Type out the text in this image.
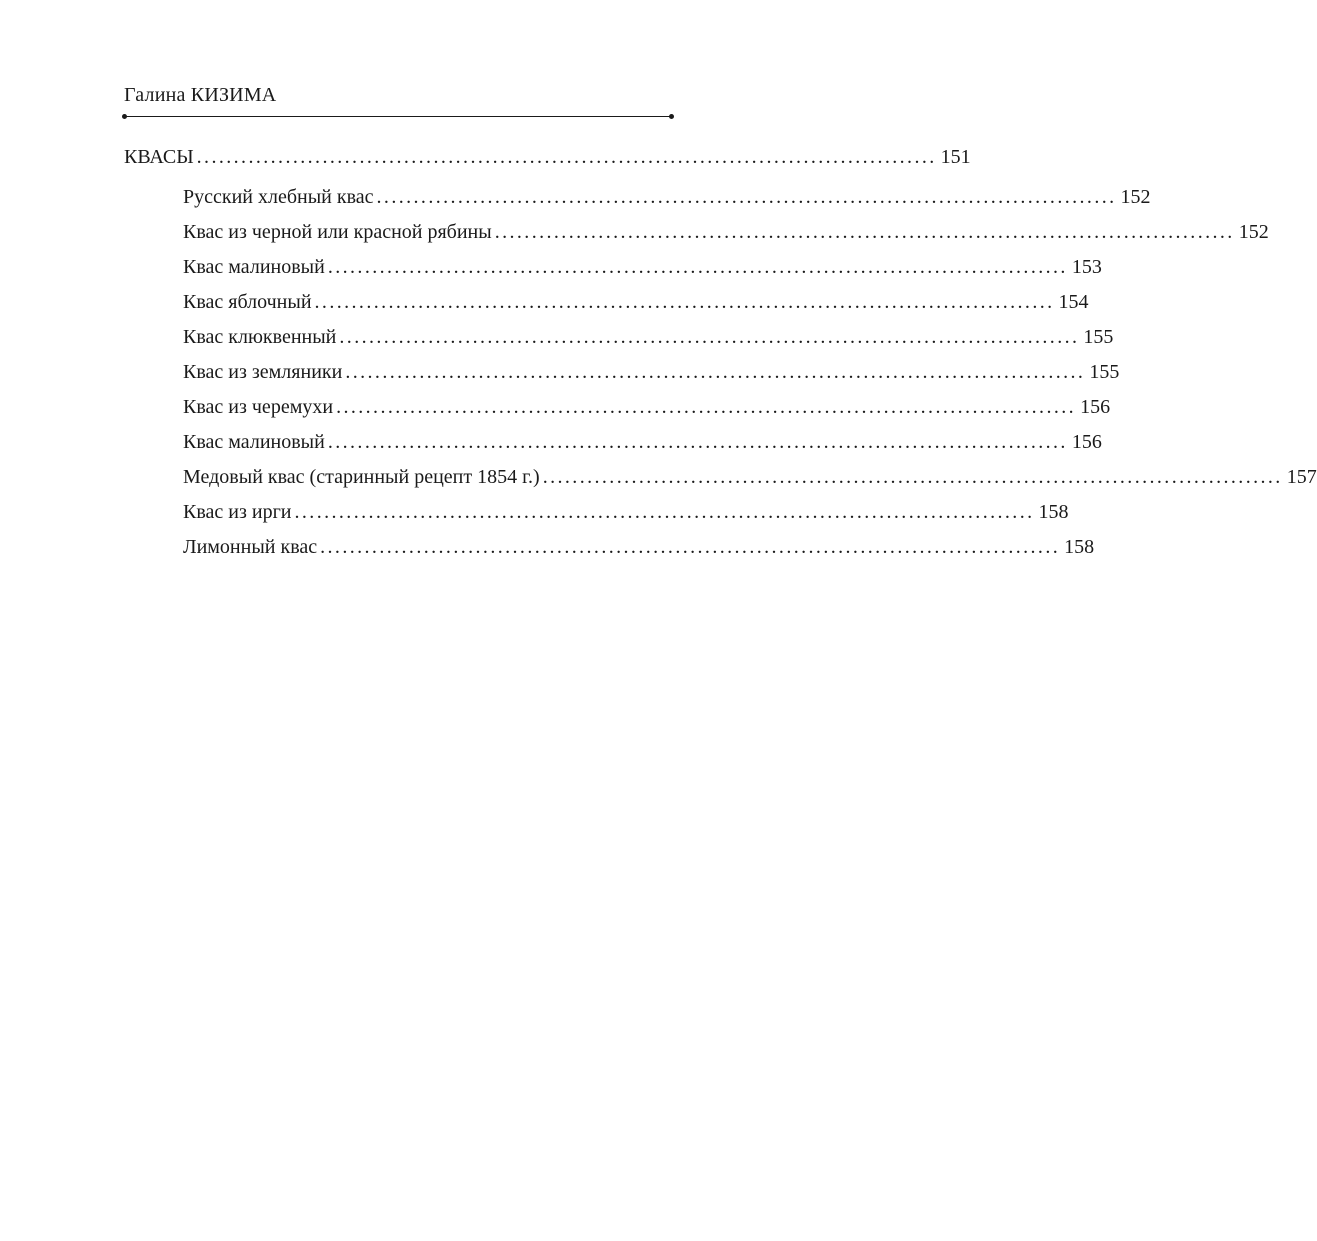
Галина КИЗИМА
КВАСЫ .................................................................................................... 151
Русский хлебный квас .................................................................................................... 152
Квас из черной или красной рябины .................................................................................................... 152
Квас малиновый .................................................................................................... 153
Квас яблочный .................................................................................................... 154
Квас клюквенный .................................................................................................... 155
Квас из земляники .................................................................................................... 155
Квас из черемухи .................................................................................................... 156
Квас малиновый .................................................................................................... 156
Медовый квас (старинный рецепт 1854 г.) .................................................................................................... 157
Квас из ирги .................................................................................................... 158
Лимонный квас .................................................................................................... 158
